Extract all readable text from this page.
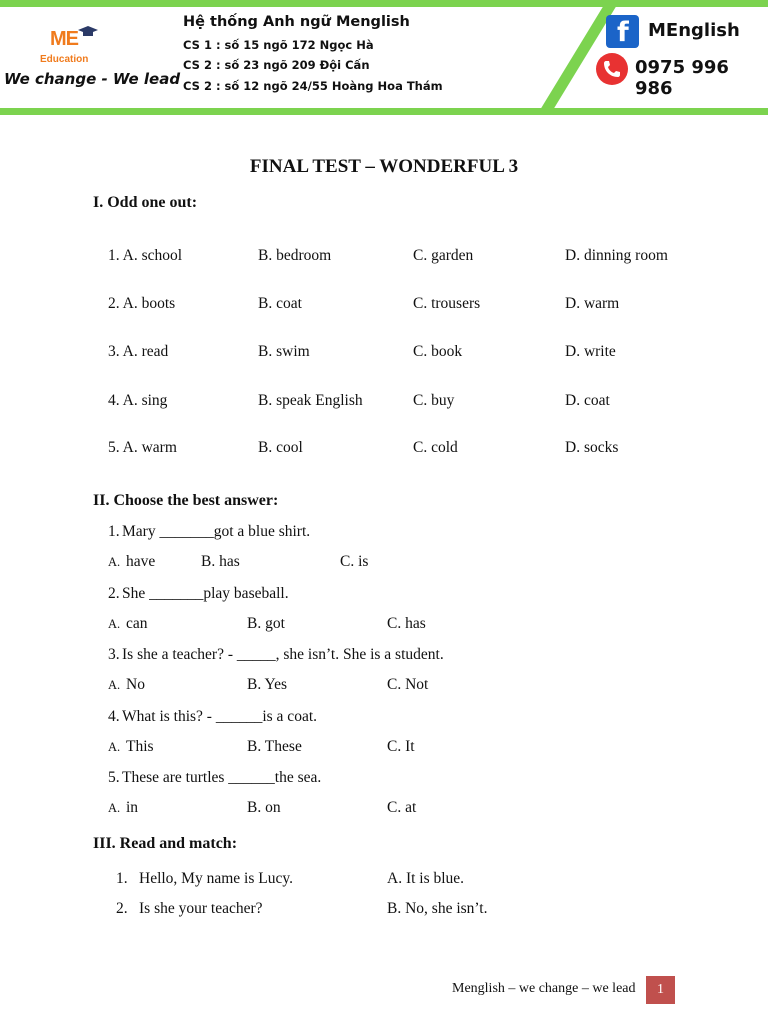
ME
Education
We change - We lead
Hệ thống Anh ngữ Menglish
CS 1 : số 15 ngõ 172 Ngọc Hà
CS 2 : số 23 ngõ 209 Đội Cấn
CS 2 : số 12 ngõ 24/55 Hoàng Hoa Thám
f MEnglish
0975 996 986
FINAL TEST – WONDERFUL 3
I. Odd one out:
1. A. school	B. bedroom	C. garden	D. dinning room
2. A. boots	B. coat	C. trousers	D. warm
3. A. read	B. swim	C. book	D. write
4. A. sing	B. speak English	C. buy	D. coat
5. A. warm	B. cool	C. cold	D. socks
II. Choose the best answer:
1. Mary _______got a blue shirt.
A. have	B. has	C. is
2. She _______play baseball.
A. can	B. got	C. has
3. Is she a teacher? - _____, she isn’t. She is a student.
A. No	B. Yes	C. Not
4. What is this? - ______is a coat.
A. This	B. These	C. It
5. These are turtles ______the sea.
A. in	B. on	C. at
III. Read and match:
1. Hello, My name is Lucy.	A. It is blue.
2. Is she your teacher?	B. No, she isn’t.
Menglish – we change – we lead	1
